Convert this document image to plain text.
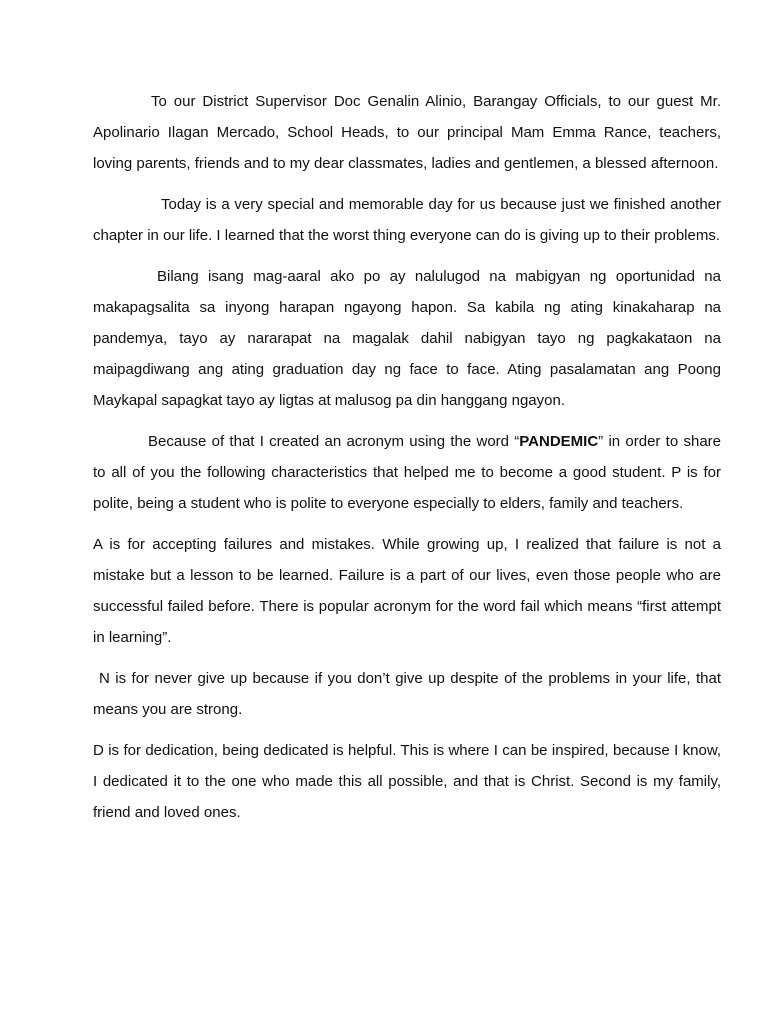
To our District Supervisor Doc Genalin Alinio, Barangay Officials, to our guest Mr. Apolinario Ilagan Mercado, School Heads, to our principal Mam Emma Rance, teachers, loving parents, friends and to my dear classmates, ladies and gentlemen, a blessed afternoon.

Today is a very special and memorable day for us because just we finished another chapter in our life. I learned that the worst thing everyone can do is giving up to their problems.

Bilang isang mag-aaral ako po ay nalulugod na mabigyan ng oportunidad na makapagsalita sa inyong harapan ngayong hapon. Sa kabila ng ating kinakaharap na pandemya, tayo ay nararapat na magalak dahil nabigyan tayo ng pagkakataon na maipagdiwang ang ating graduation day ng face to face. Ating pasalamatan ang Poong Maykapal sapagkat tayo ay ligtas at malusog pa din hanggang ngayon.

Because of that I created an acronym using the word “PANDEMIC” in order to share to all of you the following characteristics that helped me to become a good student. P is for polite, being a student who is polite to everyone especially to elders, family and teachers.

A is for accepting failures and mistakes. While growing up, I realized that failure is not a mistake but a lesson to be learned. Failure is a part of our lives, even those people who are successful failed before. There is popular acronym for the word fail which means “first attempt in learning”.

N is for never give up because if you don’t give up despite of the problems in your life, that means you are strong.

D is for dedication, being dedicated is helpful. This is where I can be inspired, because I know, I dedicated it to the one who made this all possible, and that is Christ. Second is my family, friend and loved ones.
